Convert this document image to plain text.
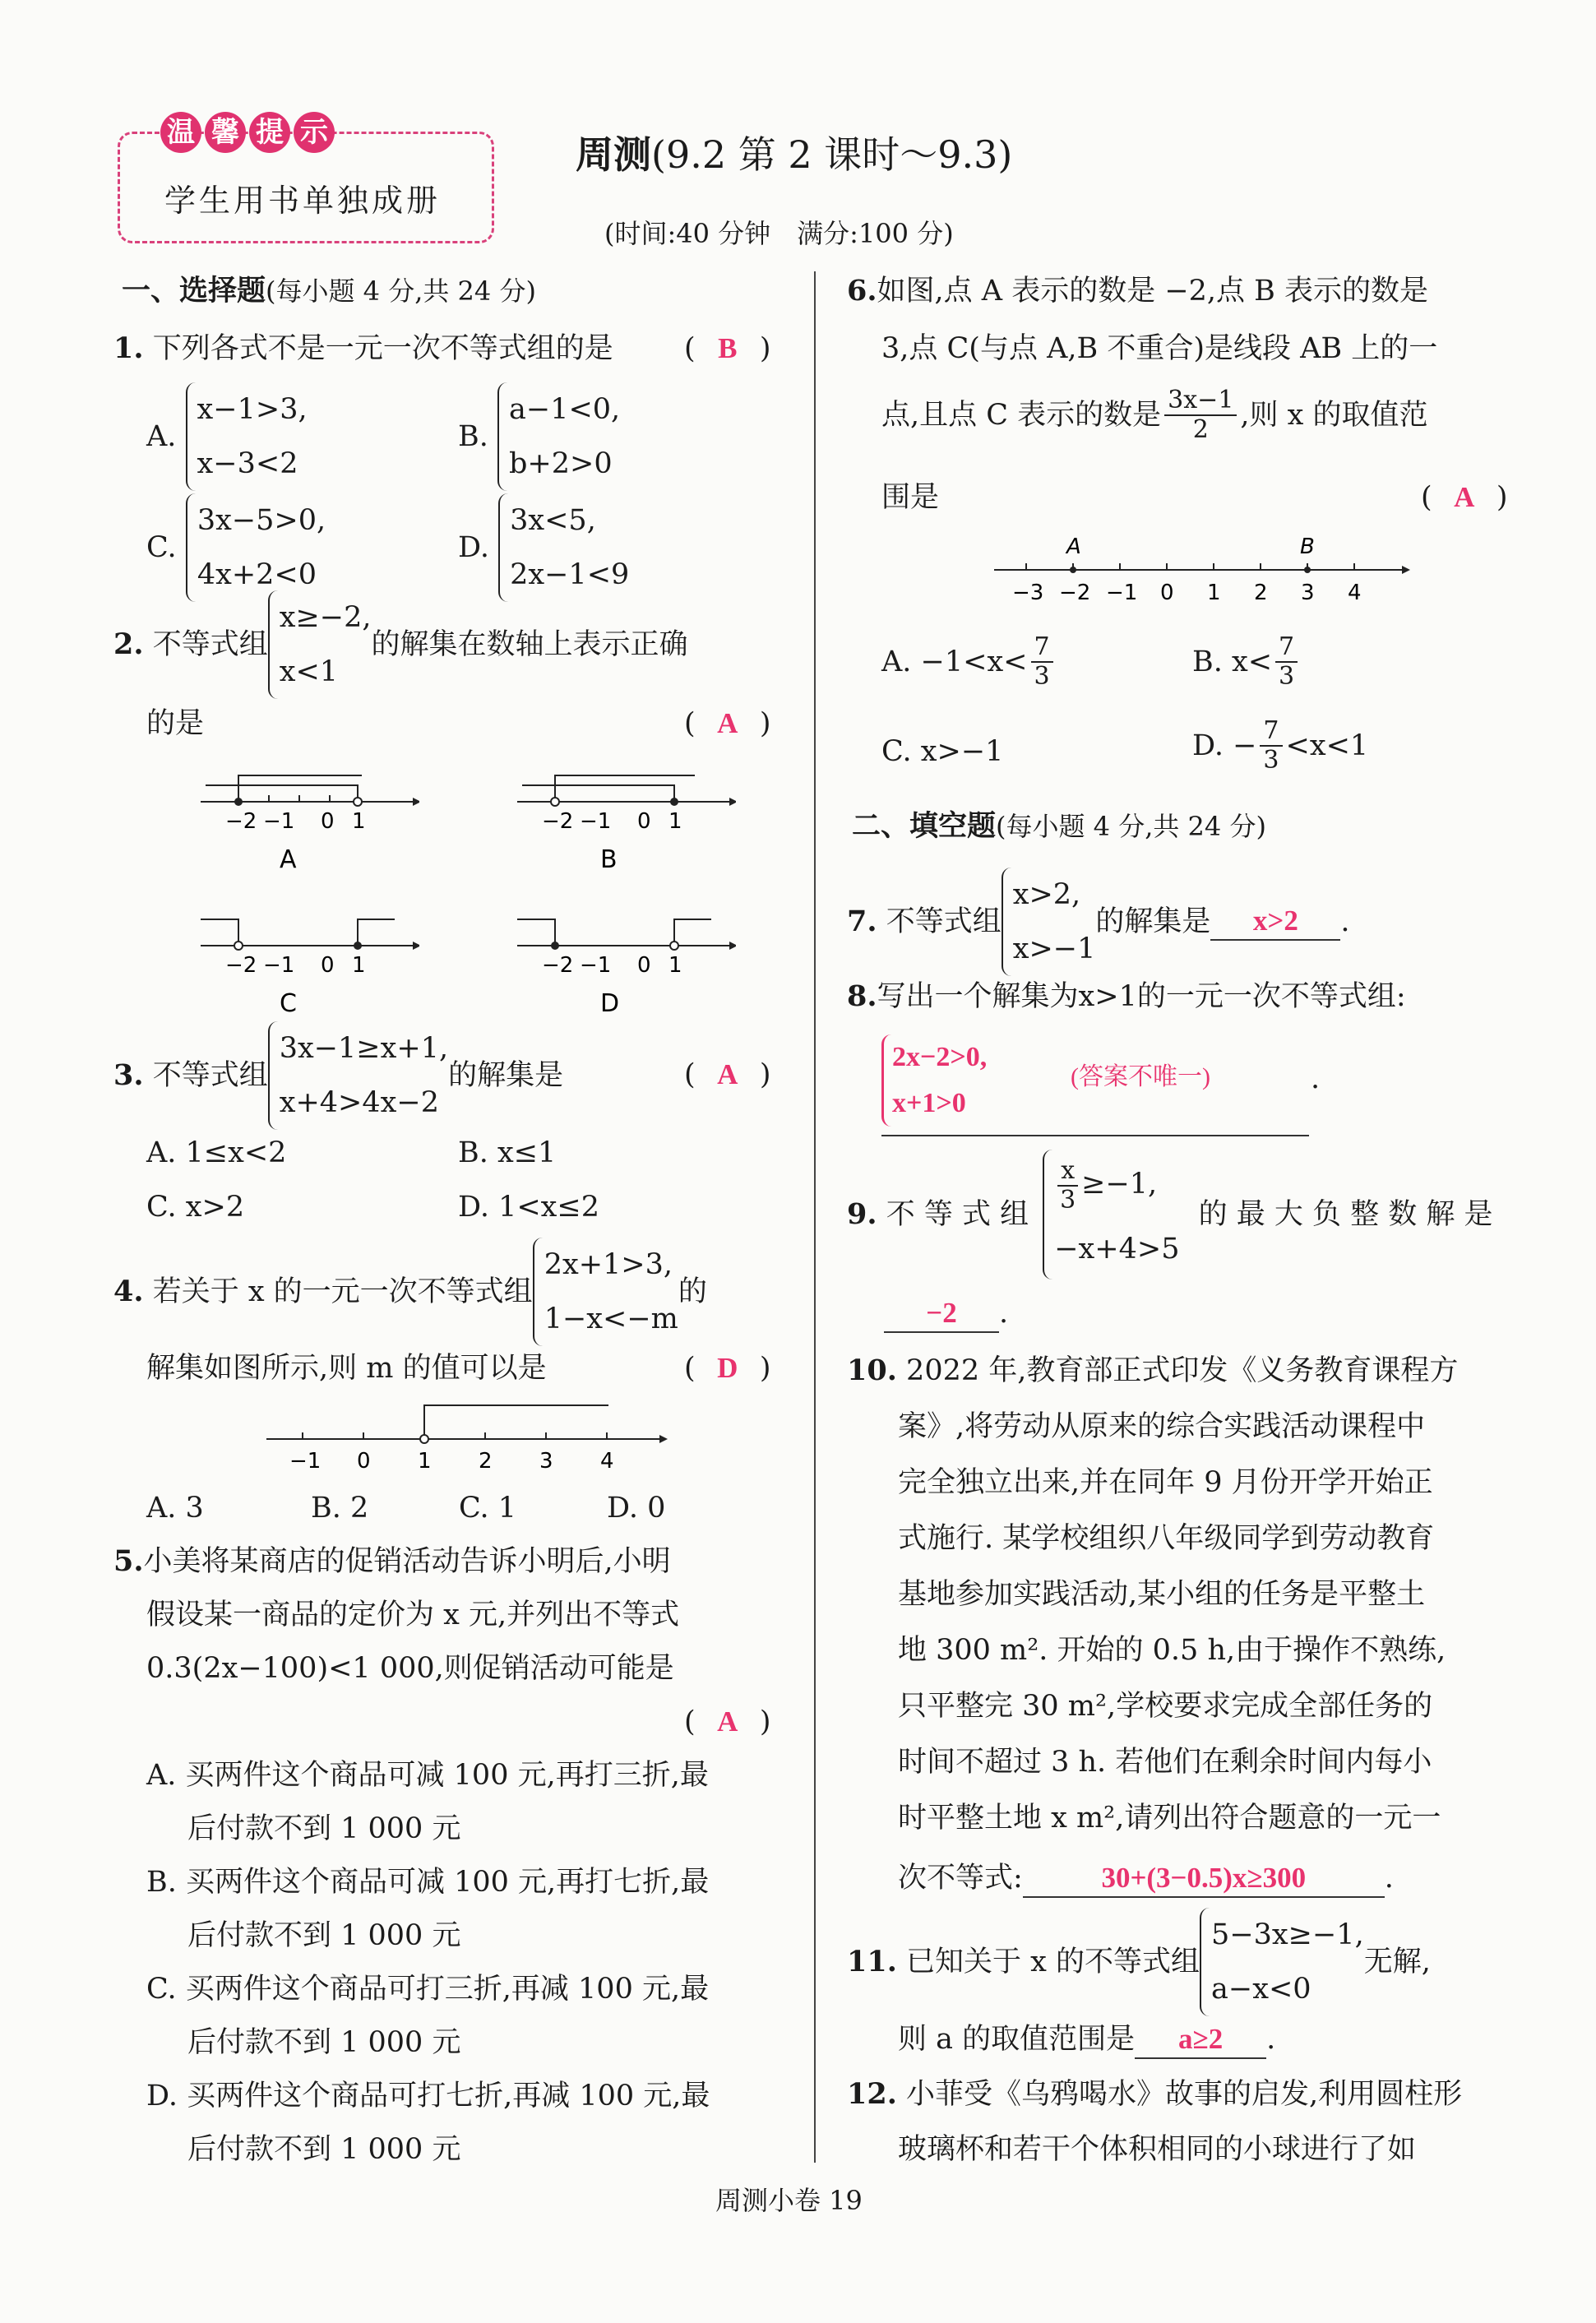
温 馨 提 示
学生用书单独成册
周测(9.2 第 2 课时～9.3)
(时间:40 分钟　满分:100 分)
一、选择题(每小题 4 分,共 24 分)
1. 下列各式不是一元一次不等式组的是	( B )
A.
x−1>3,
x−3<2
B.
a−1<0,
b+2>0
C.
3x−5>0,
4x+2<0
D.
3x<5,
2x−1<9
2. 不等式组
x≥−2,
x<1
的解集在数轴上表示正确
的是	( A )
−2 −1 0 1
A
−2 −1 0 1
B
−2 −1 0 1
C
−2 −1 0 1
D
3. 不等式组
3x−1≥x+1,
x+4>4x−2
的解集是	( A )
A. 1≤x<2	B. x≤1
C. x>2	D. 1<x≤2
4. 若关于 x 的一元一次不等式组
2x+1>3,
1−x<−m
的
解集如图所示,则 m 的值可以是	( D )
−1 0 1 2 3 4
A. 3	B. 2	C. 1	D. 0
5.小美将某商店的促销活动告诉小明后,小明
假设某一商品的定价为 x 元,并列出不等式
0.3(2x−100)<1 000,则促销活动可能是
( A )
A. 买两件这个商品可减 100 元,再打三折,最
后付款不到 1 000 元
B. 买两件这个商品可减 100 元,再打七折,最
后付款不到 1 000 元
C. 买两件这个商品可打三折,再减 100 元,最
后付款不到 1 000 元
D. 买两件这个商品可打七折,再减 100 元,最
后付款不到 1 000 元
6.如图,点 A 表示的数是 −2,点 B 表示的数是
3,点 C(与点 A,B 不重合)是线段 AB 上的一
点,且点 C 表示的数是 $\frac{3x-1}{2}$ ,则 x 的取值范
围是	( A )
A	B
−3 −2 −1 0 1 2 3 4
A. $-1<x< \frac{7}{3}$	B. $x< \frac{7}{3}$
C. x>−1	D. − $\frac{7}{3} <x<1$
二、填空题(每小题 4 分,共 24 分)
7. 不等式组
x>2,
x>−1
的解集是 x>2 .
8.写出一个解集为x>1的一元一次不等式组:
2x−2>0,
x+1>0
(答案不唯一)	.
9. 不 等 式 组
$\frac{x}{3} \ge-1$,
−x+4>5
的 最 大 负 整 数 解 是
−2 .
10. 2022 年,教育部正式印发《义务教育课程方
案》,将劳动从原来的综合实践活动课程中
完全独立出来,并在同年 9 月份开学开始正
式施行. 某学校组织八年级同学到劳动教育
基地参加实践活动,某小组的任务是平整土
地 300 m². 开始的 0.5 h,由于操作不熟练,
只平整完 30 m²,学校要求完成全部任务的
时间不超过 3 h. 若他们在剩余时间内每小
时平整土地 x m²,请列出符合题意的一元一
次不等式:	30+(3−0.5)x≥300	.
11. 已知关于 x 的不等式组
5−3x≥−1,
a−x<0
无解,
则 a 的取值范围是 a≥2 .
12. 小菲受《乌鸦喝水》故事的启发,利用圆柱形
玻璃杯和若干个体积相同的小球进行了如
周测小卷 19
